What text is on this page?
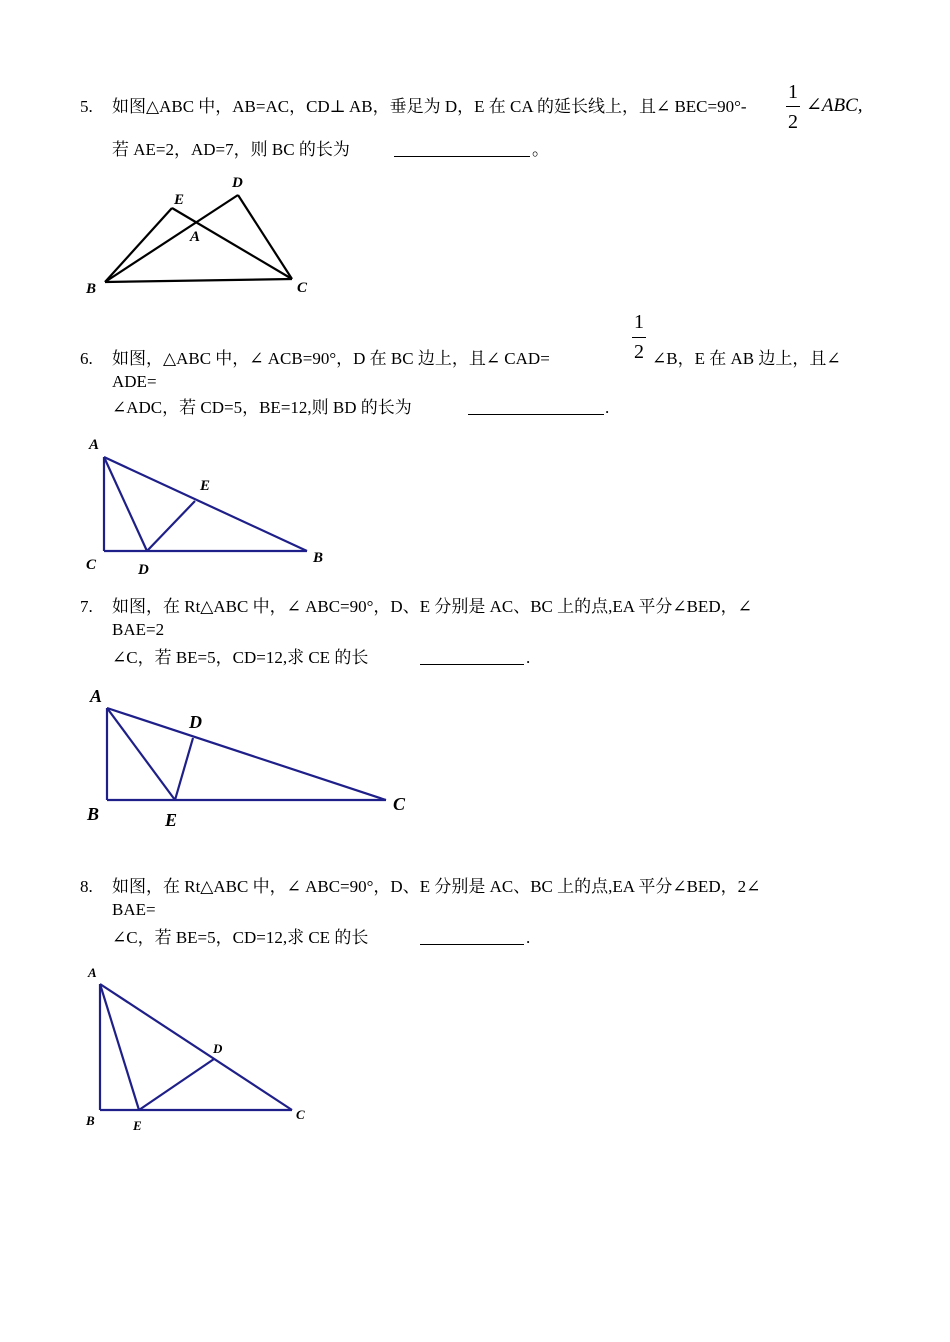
5. 如图△ABC 中，AB=AC，CD⊥ AB，垂足为 D，E 在 CA 的延长线上，且∠ BEC=90°-
1
2
∠ABC,
若 AE=2，AD=7，则 BC 的长为	。
E
D
A
B	C
6. 如图，△ABC 中，∠ ACB=90°，D 在 BC 边上，且∠ CAD=
1
2 ∠B，E 在 AB 边上，且∠
ADE=
∠ADC，若 CD=5，BE=12,则 BD 的长为	.
A
E
C	D
B
7. 如图，在 Rt△ABC 中，∠ ABC=90°，D、E 分别是 AC、BC 上的点,EA 平分∠BED，∠
BAE=2
∠C，若 BE=5，CD=12,求 CE 的长	.
A
D
B	E
C
8. 如图，在 Rt△ABC 中，∠ ABC=90°，D、E 分别是 AC、BC 上的点,EA 平分∠BED，2∠
BAE=
∠C，若 BE=5，CD=12,求 CE 的长	.
A
D
B	E
C
